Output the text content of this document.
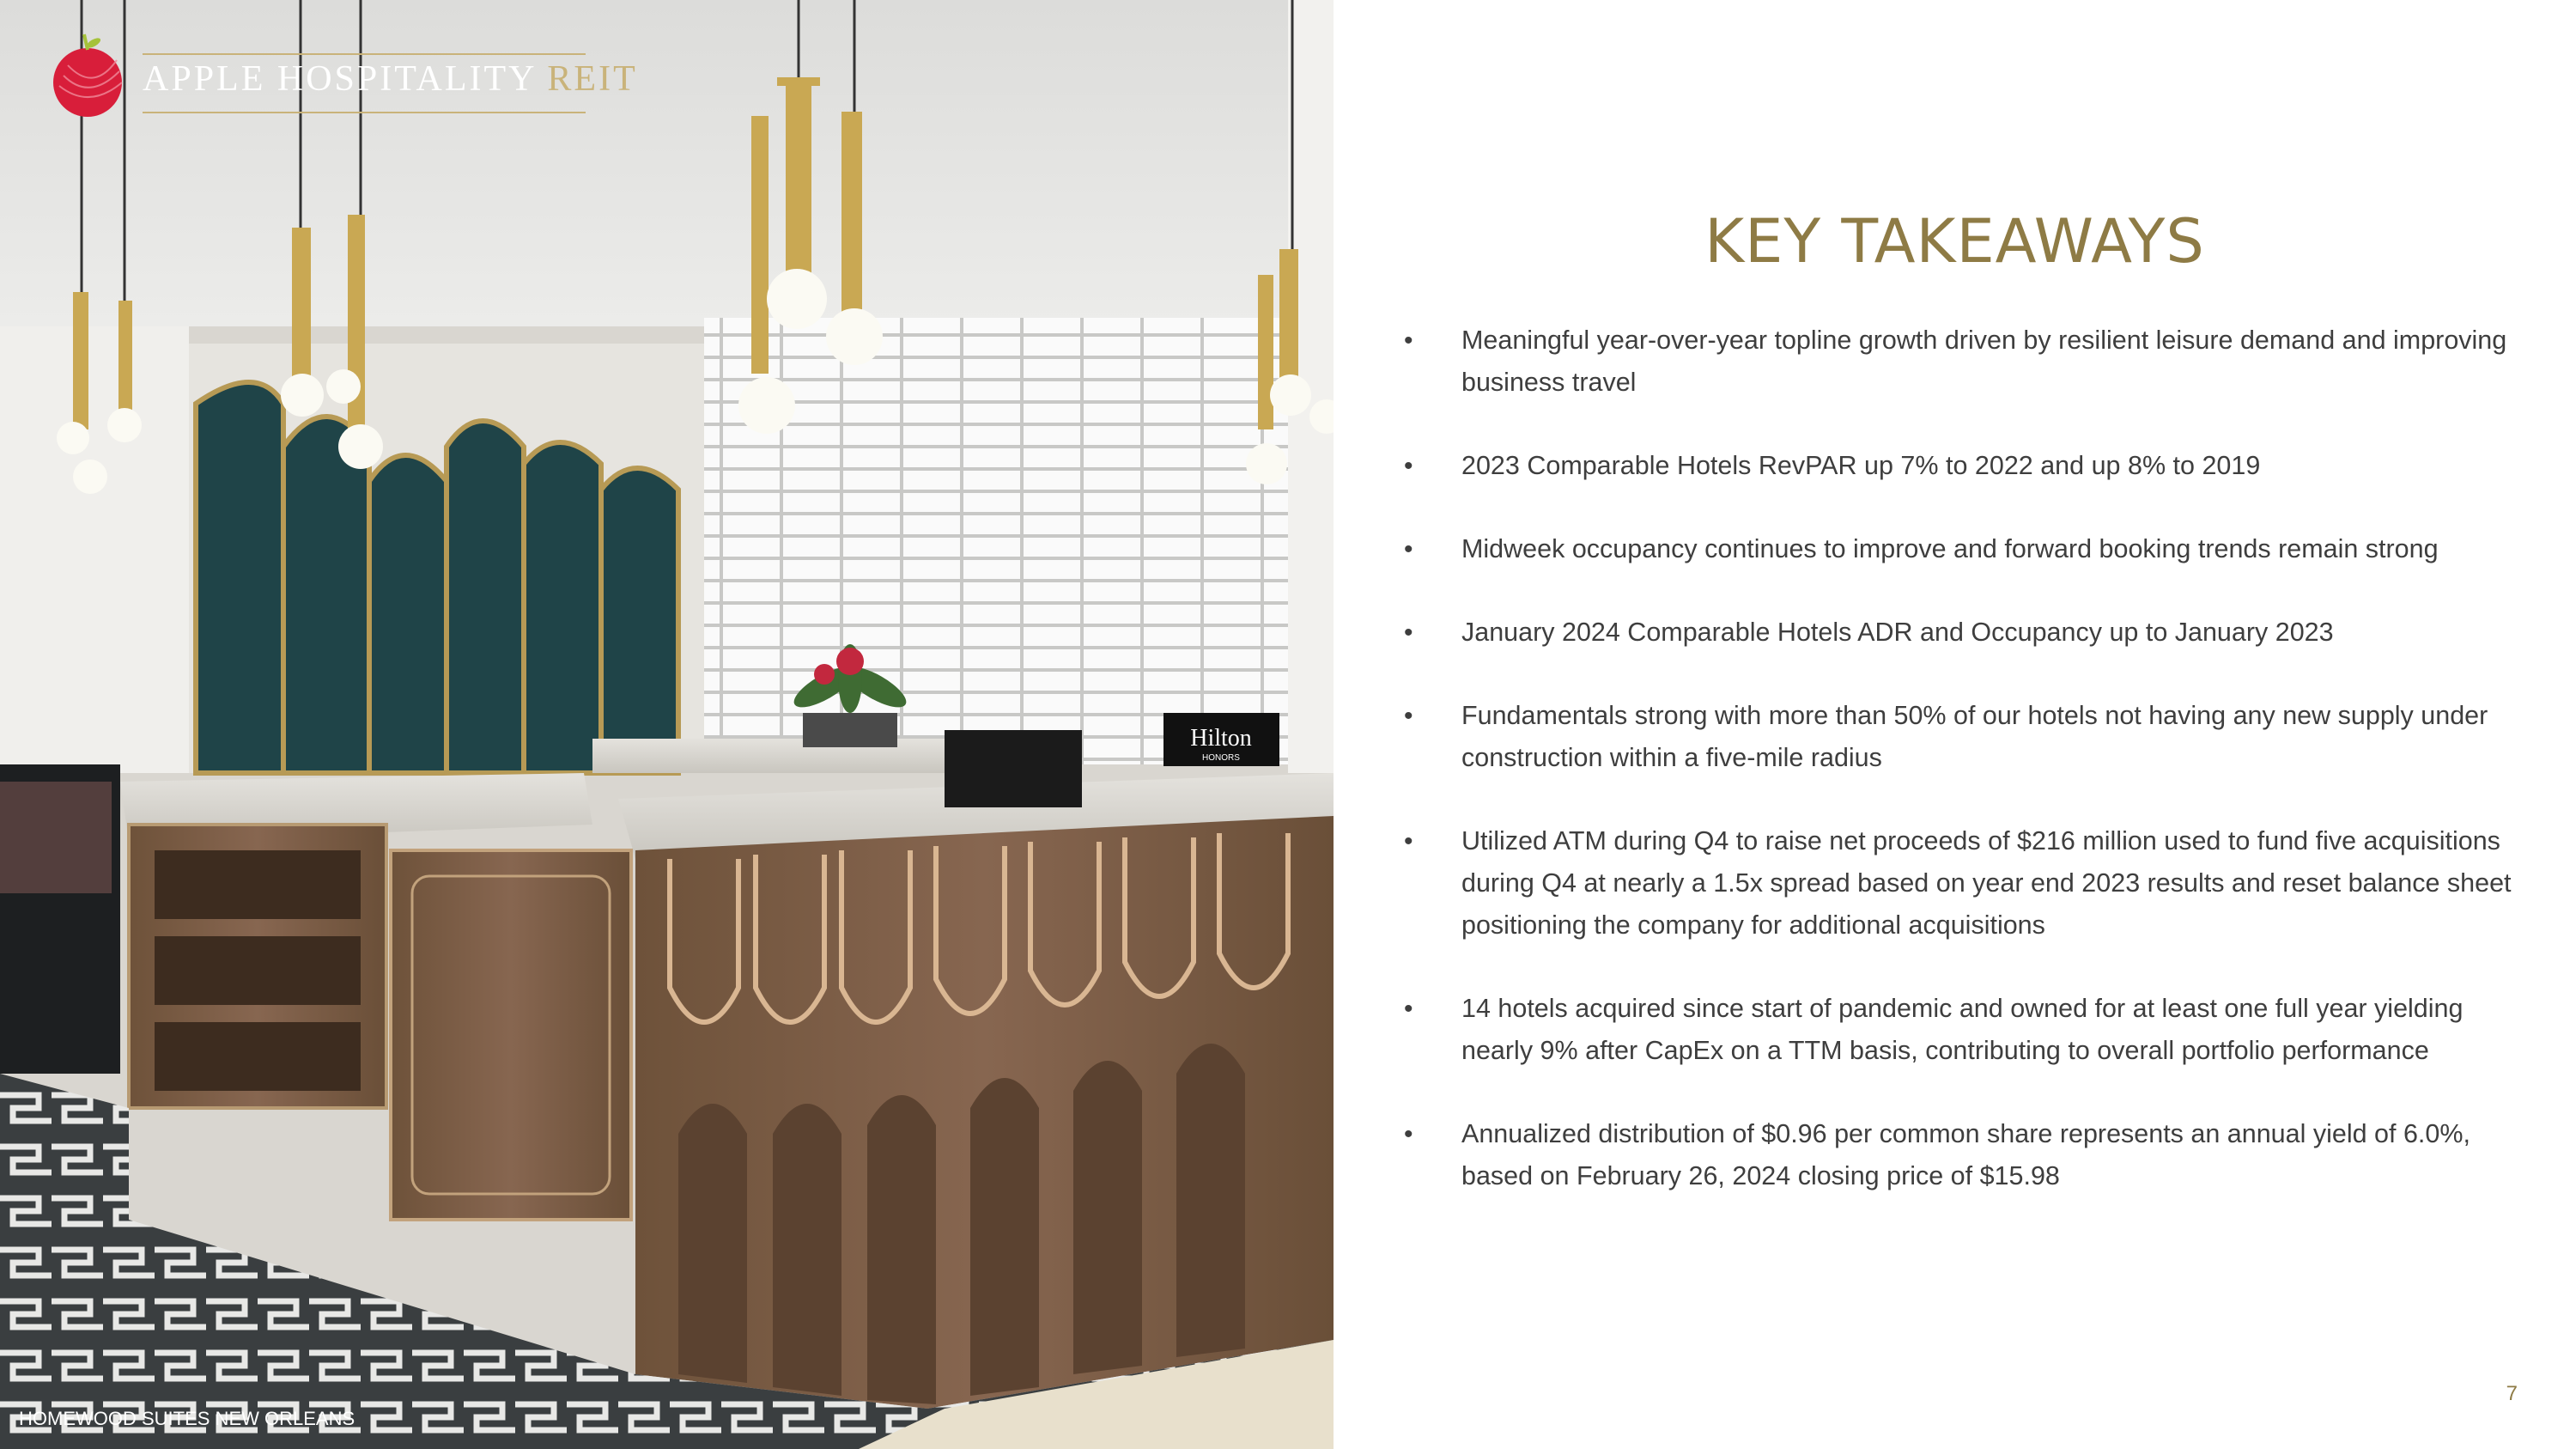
Hilton
HONORS
APPLE HOSPITALITY REIT
HOMEWOOD SUITES NEW ORLEANS
KEY TAKEAWAYS
• Meaningful year-over-year topline growth driven by resilient leisure demand and improving business travel
• 2023 Comparable Hotels RevPAR up 7% to 2022 and up 8% to 2019
• Midweek occupancy continues to improve and forward booking trends remain strong
• January 2024 Comparable Hotels ADR and Occupancy up to January 2023
• Fundamentals strong with more than 50% of our hotels not having any new supply under construction within a five-mile radius
• Utilized ATM during Q4 to raise net proceeds of $216 million used to fund five acquisitions during Q4 at nearly a 1.5x spread based on year end 2023 results and reset balance sheet positioning the company for additional acquisitions
• 14 hotels acquired since start of pandemic and owned for at least one full year yielding nearly 9% after CapEx on a TTM basis, contributing to overall portfolio performance
• Annualized distribution of $0.96 per common share represents an annual yield of 6.0%, based on February 26, 2024 closing price of $15.98
7
